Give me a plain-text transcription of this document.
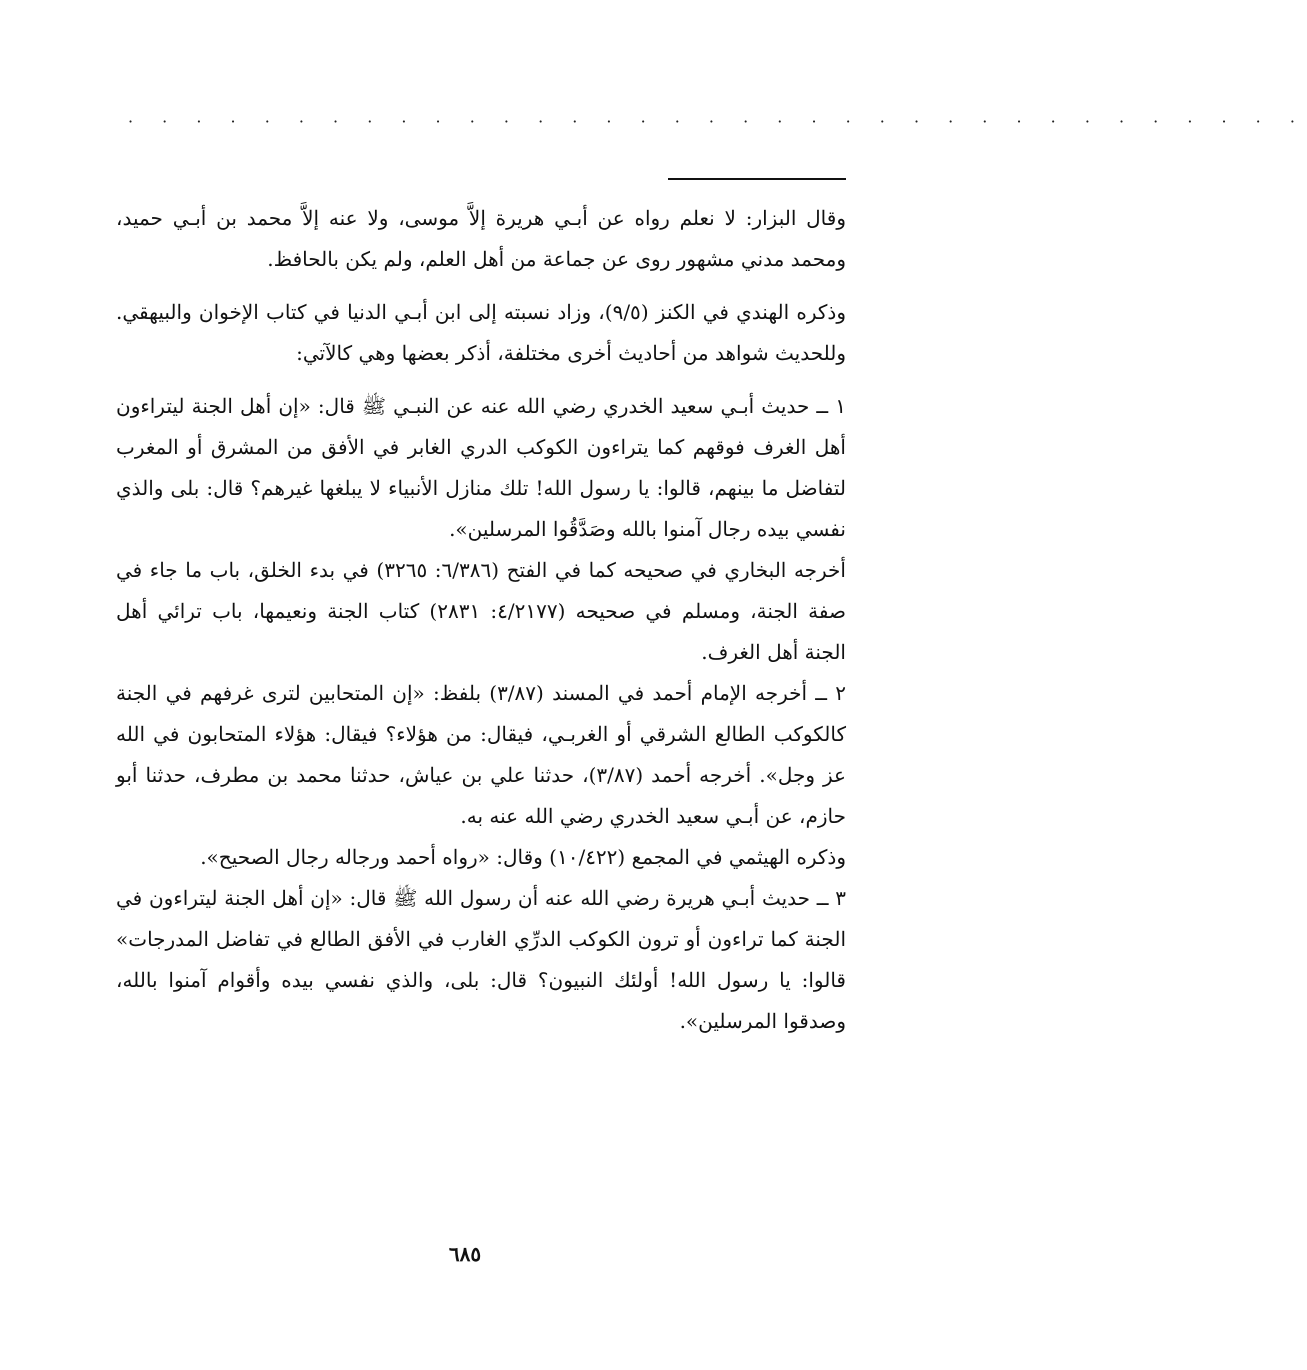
· · · · · · · · · · · · · · · · · · · · · · · · · · · · · · · · · · ·

وقال البزار: لا نعلم رواه عن أبـي هريرة إلاَّ موسى، ولا عنه إلاَّ محمد بن أبـي حميد، ومحمد مدني مشهور روى عن جماعة من أهل العلم، ولم يكن بالحافظ.

وذكره الهندي في الكنز (٩/٥)، وزاد نسبته إلى ابن أبـي الدنيا في كتاب الإخوان والبيهقي. وللحديث شواهد من أحاديث أخرى مختلفة، أذكر بعضها وهي كالآتي:

١ ــ حديث أبـي سعيد الخدري رضي الله عنه عن النبـي ﷺ قال: «إن أهل الجنة ليتراءون أهل الغرف فوقهم كما يتراءون الكوكب الدري الغابر في الأفق من المشرق أو المغرب لتفاضل ما بينهم، قالوا: يا رسول الله! تلك منازل الأنبياء لا يبلغها غيرهم؟ قال: بلى والذي نفسي بيده رجال آمنوا بالله وصَدَّقُوا المرسلين».

أخرجه البخاري في صحيحه كما في الفتح (٦/٣٨٦: ٣٢٦٥) في بدء الخلق، باب ما جاء في صفة الجنة، ومسلم في صحيحه (٤/٢١٧٧: ٢٨٣١) كتاب الجنة ونعيمها، باب ترائي أهل الجنة أهل الغرف.

٢ ــ أخرجه الإمام أحمد في المسند (٣/٨٧) بلفظ: «إن المتحابين لترى غرفهم في الجنة كالكوكب الطالع الشرقي أو الغربـي، فيقال: من هؤلاء؟ فيقال: هؤلاء المتحابون في الله عز وجل». أخرجه أحمد (٣/٨٧)، حدثنا علي بن عياش، حدثنا محمد بن مطرف، حدثنا أبو حازم، عن أبـي سعيد الخدري رضي الله عنه به.

وذكره الهيثمي في المجمع (١٠/٤٢٢) وقال: «رواه أحمد ورجاله رجال الصحيح».

٣ ــ حديث أبـي هريرة رضي الله عنه أن رسول الله ﷺ قال: «إن أهل الجنة ليتراءون في الجنة كما تراءون أو ترون الكوكب الدرِّي الغارب في الأفق الطالع في تفاضل المدرجات» قالوا: يا رسول الله! أولئك النبيون؟ قال: بلى، والذي نفسي بيده وأقوام آمنوا بالله، وصدقوا المرسلين».

٦٨٥
